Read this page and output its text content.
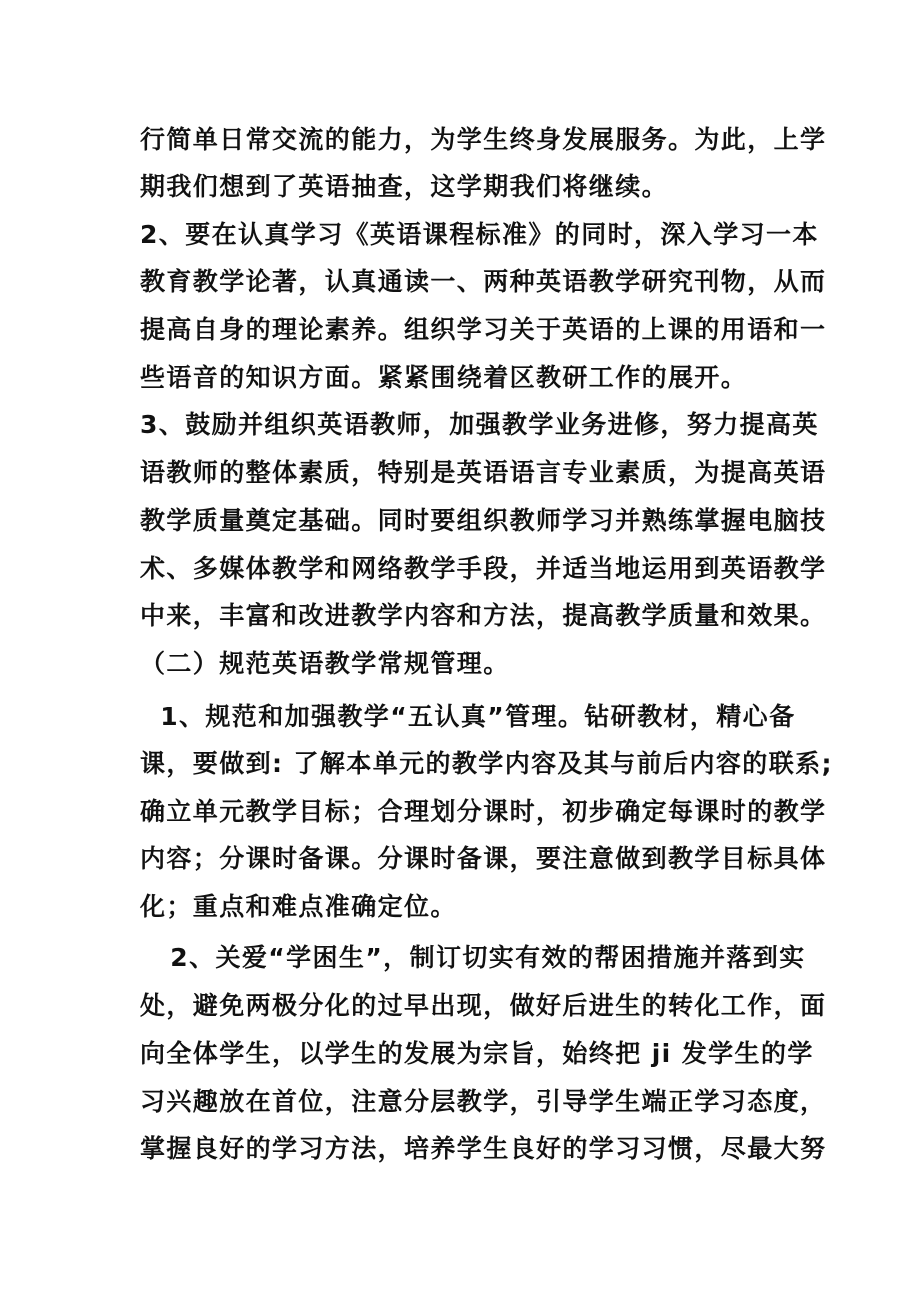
行简单日常交流的能力，为学生终身发展服务。为此，上学
期我们想到了英语抽查，这学期我们将继续。
2、要在认真学习《英语课程标准》的同时，深入学习一本
教育教学论著，认真通读一、两种英语教学研究刊物，从而
提高自身的理论素养。组织学习关于英语的上课的用语和一
些语音的知识方面。紧紧围绕着区教研工作的展开。
3、鼓励并组织英语教师，加强教学业务进修，努力提高英
语教师的整体素质，特别是英语语言专业素质，为提高英语
教学质量奠定基础。同时要组织教师学习并熟练掌握电脑技
术、多媒体教学和网络教学手段，并适当地运用到英语教学
中来，丰富和改进教学内容和方法，提高教学质量和效果。
（二）规范英语教学常规管理。
1、规范和加强教学“五认真”管理。钻研教材，精心备
课，要做到: 了解本单元的教学内容及其与前后内容的联系;
确立单元教学目标；合理划分课时，初步确定每课时的教学
内容；分课时备课。分课时备课，要注意做到教学目标具体
化；重点和难点准确定位。
2、关爱“学困生”，制订切实有效的帮困措施并落到实
处，避免两极分化的过早出现，做好后进生的转化工作，面
向全体学生，以学生的发展为宗旨，始终把 ji 发学生的学
习兴趣放在首位，注意分层教学，引导学生端正学习态度，
掌握良好的学习方法，培养学生良好的学习习惯，尽最大努
